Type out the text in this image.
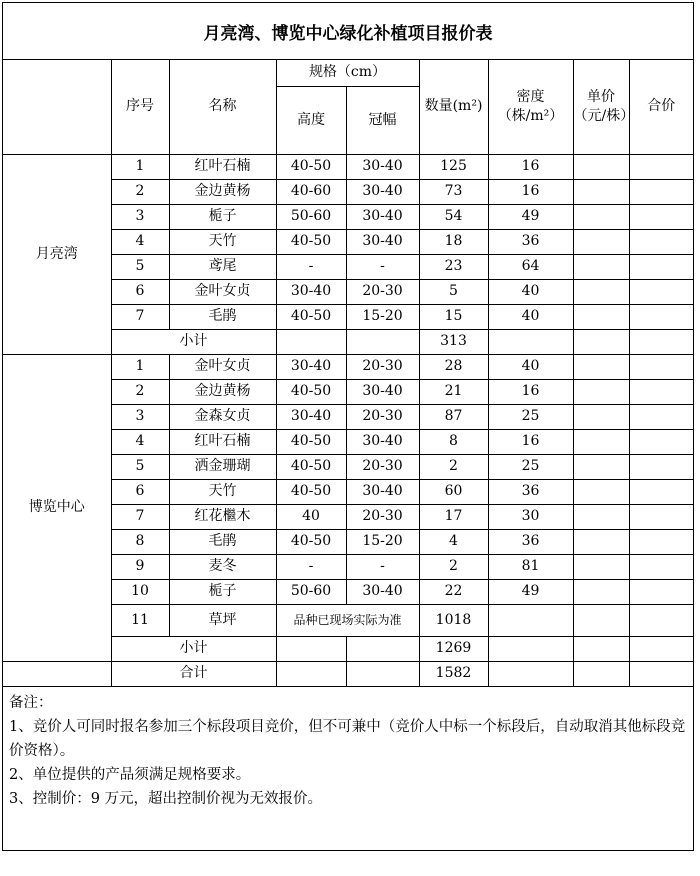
月亮湾、博览中心绿化补植项目报价表
	序号	名称	规格（cm）		数量(m²)	密度（株/m²）	单价（元/株）	合价
			高度	冠幅				

月亮湾	1	红叶石楠	40-50	30-40	125	16		
	2	金边黄杨	40-60	30-40	73	16		
	3	栀子	50-60	30-40	54	49		
	4	天竹	40-50	30-40	18	36		
	5	鸢尾	-	-	23	64		
	6	金叶女贞	30-40	20-30	5	40		
	7	毛鹃	40-50	15-20	15	40		
	小计				313			
博览中心	1	金叶女贞	30-40	20-30	28	40		
	2	金边黄杨	40-50	30-40	21	16		
	3	金森女贞	30-40	20-30	87	25		
	4	红叶石楠	40-50	30-40	8	16		
	5	洒金珊瑚	40-50	20-30	2	25		
	6	天竹	40-50	30-40	60	36		
	7	红花檵木	40	20-30	17	30		
	8	毛鹃	40-50	15-20	4	36		
	9	麦冬	-	-	2	81		
	10	栀子	50-60	30-40	22	49		
	11	草坪	品种已现场实际为准		1018			
	小计				1269			
	合计				1582			

备注：

1、竞价人可同时报名参加三个标段项目竞价，但不可兼中（竞价人中标一个标段后，自动取消其他标段竞价资格）。

2、单位提供的产品须满足规格要求。

3、控制价：9 万元，超出控制价视为无效报价。
